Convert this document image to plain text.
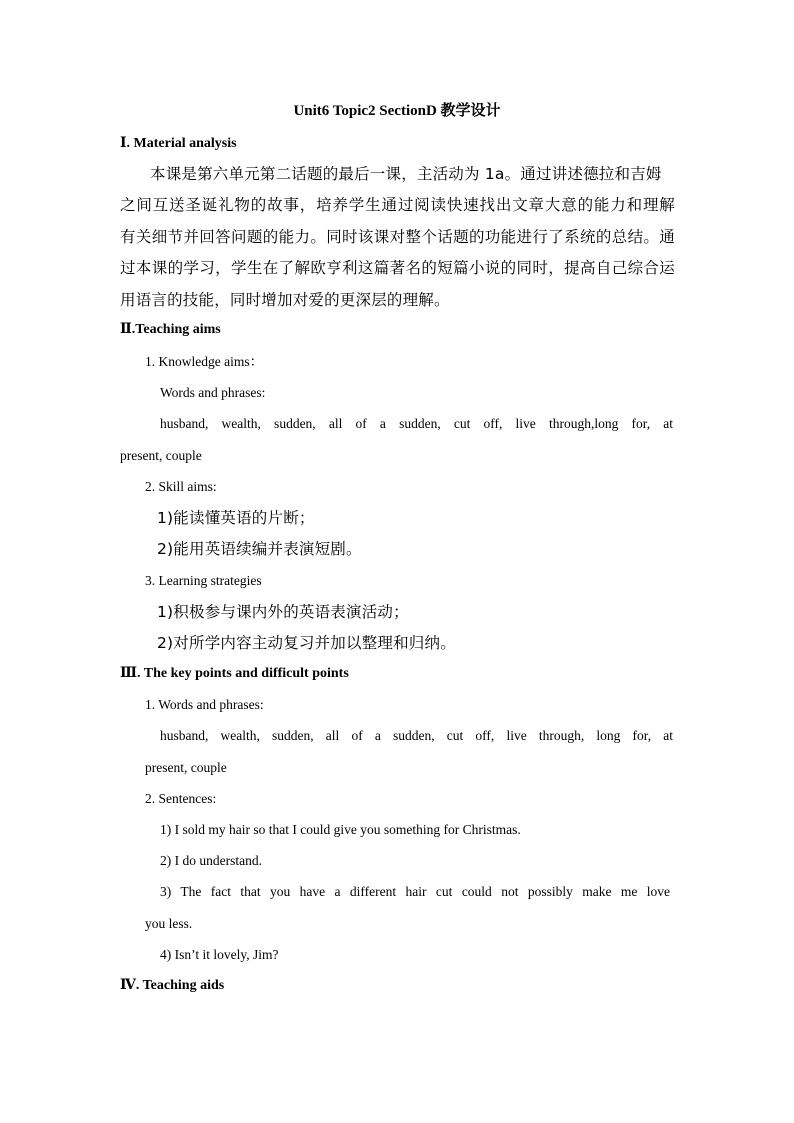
Unit6 Topic2 SectionD 教学设计
Ⅰ. Material analysis
本课是第六单元第二话题的最后一课，主活动为 1a。通过讲述德拉和吉姆
之间互送圣诞礼物的故事，培养学生通过阅读快速找出文章大意的能力和理解
有关细节并回答问题的能力。同时该课对整个话题的功能进行了系统的总结。通
过本课的学习，学生在了解欧亨利这篇著名的短篇小说的同时，提高自己综合运
用语言的技能，同时增加对爱的更深层的理解。
Ⅱ.Teaching aims
1. Knowledge aims：
Words and phrases:
husband, wealth, sudden, all of a sudden, cut off, live through,long for, at
present, couple
2. Skill aims:
1)能读懂英语的片断；
2)能用英语续编并表演短剧。
3. Learning strategies
1)积极参与课内外的英语表演活动；
2)对所学内容主动复习并加以整理和归纳。
Ⅲ. The key points and difficult points
1. Words and phrases:
husband, wealth, sudden, all of a sudden, cut off, live through, long for, at
present, couple
2. Sentences:
1) I sold my hair so that I could give you something for Christmas.
2) I do understand.
3) The fact that you have a different hair cut could not possibly make me love
you less.
4) Isn’t it lovely, Jim?
Ⅳ. Teaching aids
